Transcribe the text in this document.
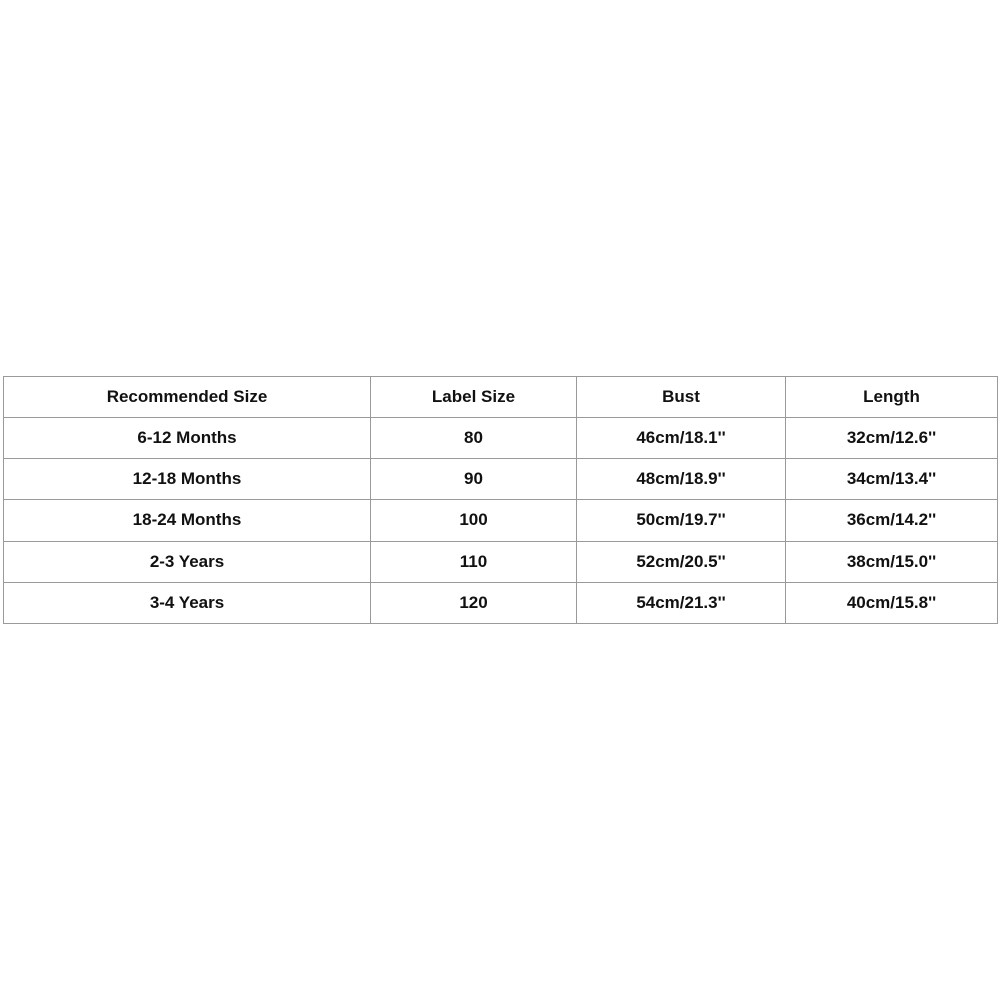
Recommended Size	Label Size	Bust	Length
6-12 Months	80	46cm/18.1''	32cm/12.6''
12-18 Months	90	48cm/18.9''	34cm/13.4''
18-24 Months	100	50cm/19.7''	36cm/14.2''
2-3 Years	110	52cm/20.5''	38cm/15.0''
3-4 Years	120	54cm/21.3''	40cm/15.8''
